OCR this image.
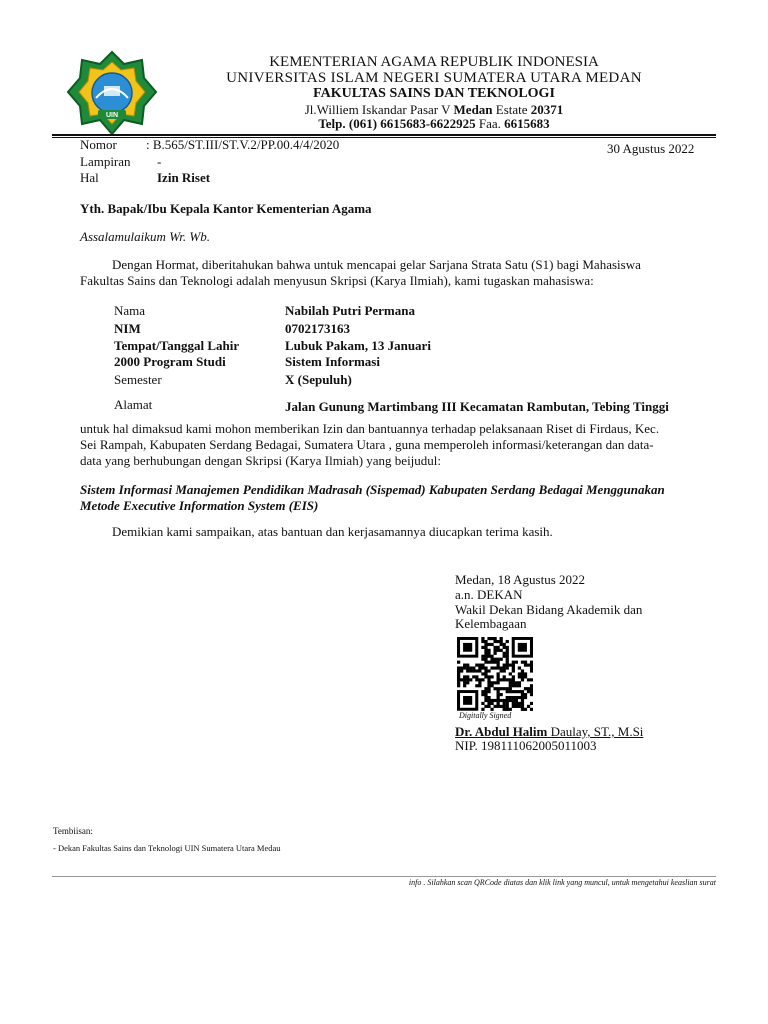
UIN
KEMENTERIAN AGAMA REPUBLIK INDONESIA
UNIVERSITAS ISLAM NEGERI SUMATERA UTARA MEDAN
FAKULTAS SAINS DAN TEKNOLOGI
Jl.Williem Iskandar Pasar V Medan Estate 20371
Telp. (061) 6615683-6622925 Faa. 6615683
Nomor : B.565/ST.III/ST.V.2/PP.00.4/4/2020	30 Agustus 2022
Lampiran -
Hal	Izin Riset
Yth. Bapak/Ibu Kepala Kantor Kementerian Agama
Assalamulaikum Wr. Wb.
Dengan Hormat, diberitahukan bahwa untuk mencapai gelar Sarjana Strata Satu (S1) bagi Mahasiswa
Fakultas Sains dan Teknologi adalah menyusun Skripsi (Karya Ilmiah), kami tugaskan mahasiswa:
Nama	Nabilah Putri Permana
NIM	0702173163
Tempat/Tanggal Lahir	Lubuk Pakam, 13 Januari
2000 Program Studi	Sistem Informasi
Semester	X (Sepuluh)
Alamat	Jalan Gunung Martimbang III Kecamatan Rambutan, Tebing Tinggi
untuk hal dimaksud kami mohon memberikan Izin dan bantuannya terhadap pelaksanaan Riset di Firdaus, Kec.
Sei Rampah, Kabupaten Serdang Bedagai, Sumatera Utara , guna memperoleh informasi/keterangan dan data-
data yang berhubungan dengan Skripsi (Karya Ilmiah) yang beijudul:
Sistem Informasi Manajemen Pendidikan Madrasah (Sispemad) Kabupaten Serdang Bedagai Menggunakan
Metode Executive Information System (EIS)
Demikian kami sampaikan, atas bantuan dan kerjasamannya diucapkan terima kasih.
Medan, 18 Agustus 2022
a.n. DEKAN
Wakil Dekan Bidang Akademik dan
Kelembagaan
Digitally Signed
Dr. Abdul Halim Daulay, ST., M.Si
NIP. 198111062005011003
Tembiisan:
- Dekan Fakultas Sains dan Teknologi UIN Sumatera Utara Medau
info . Silahkan scan QRCode diatas dan klik link yang muncul, untuk mengetahui keaslian surat
